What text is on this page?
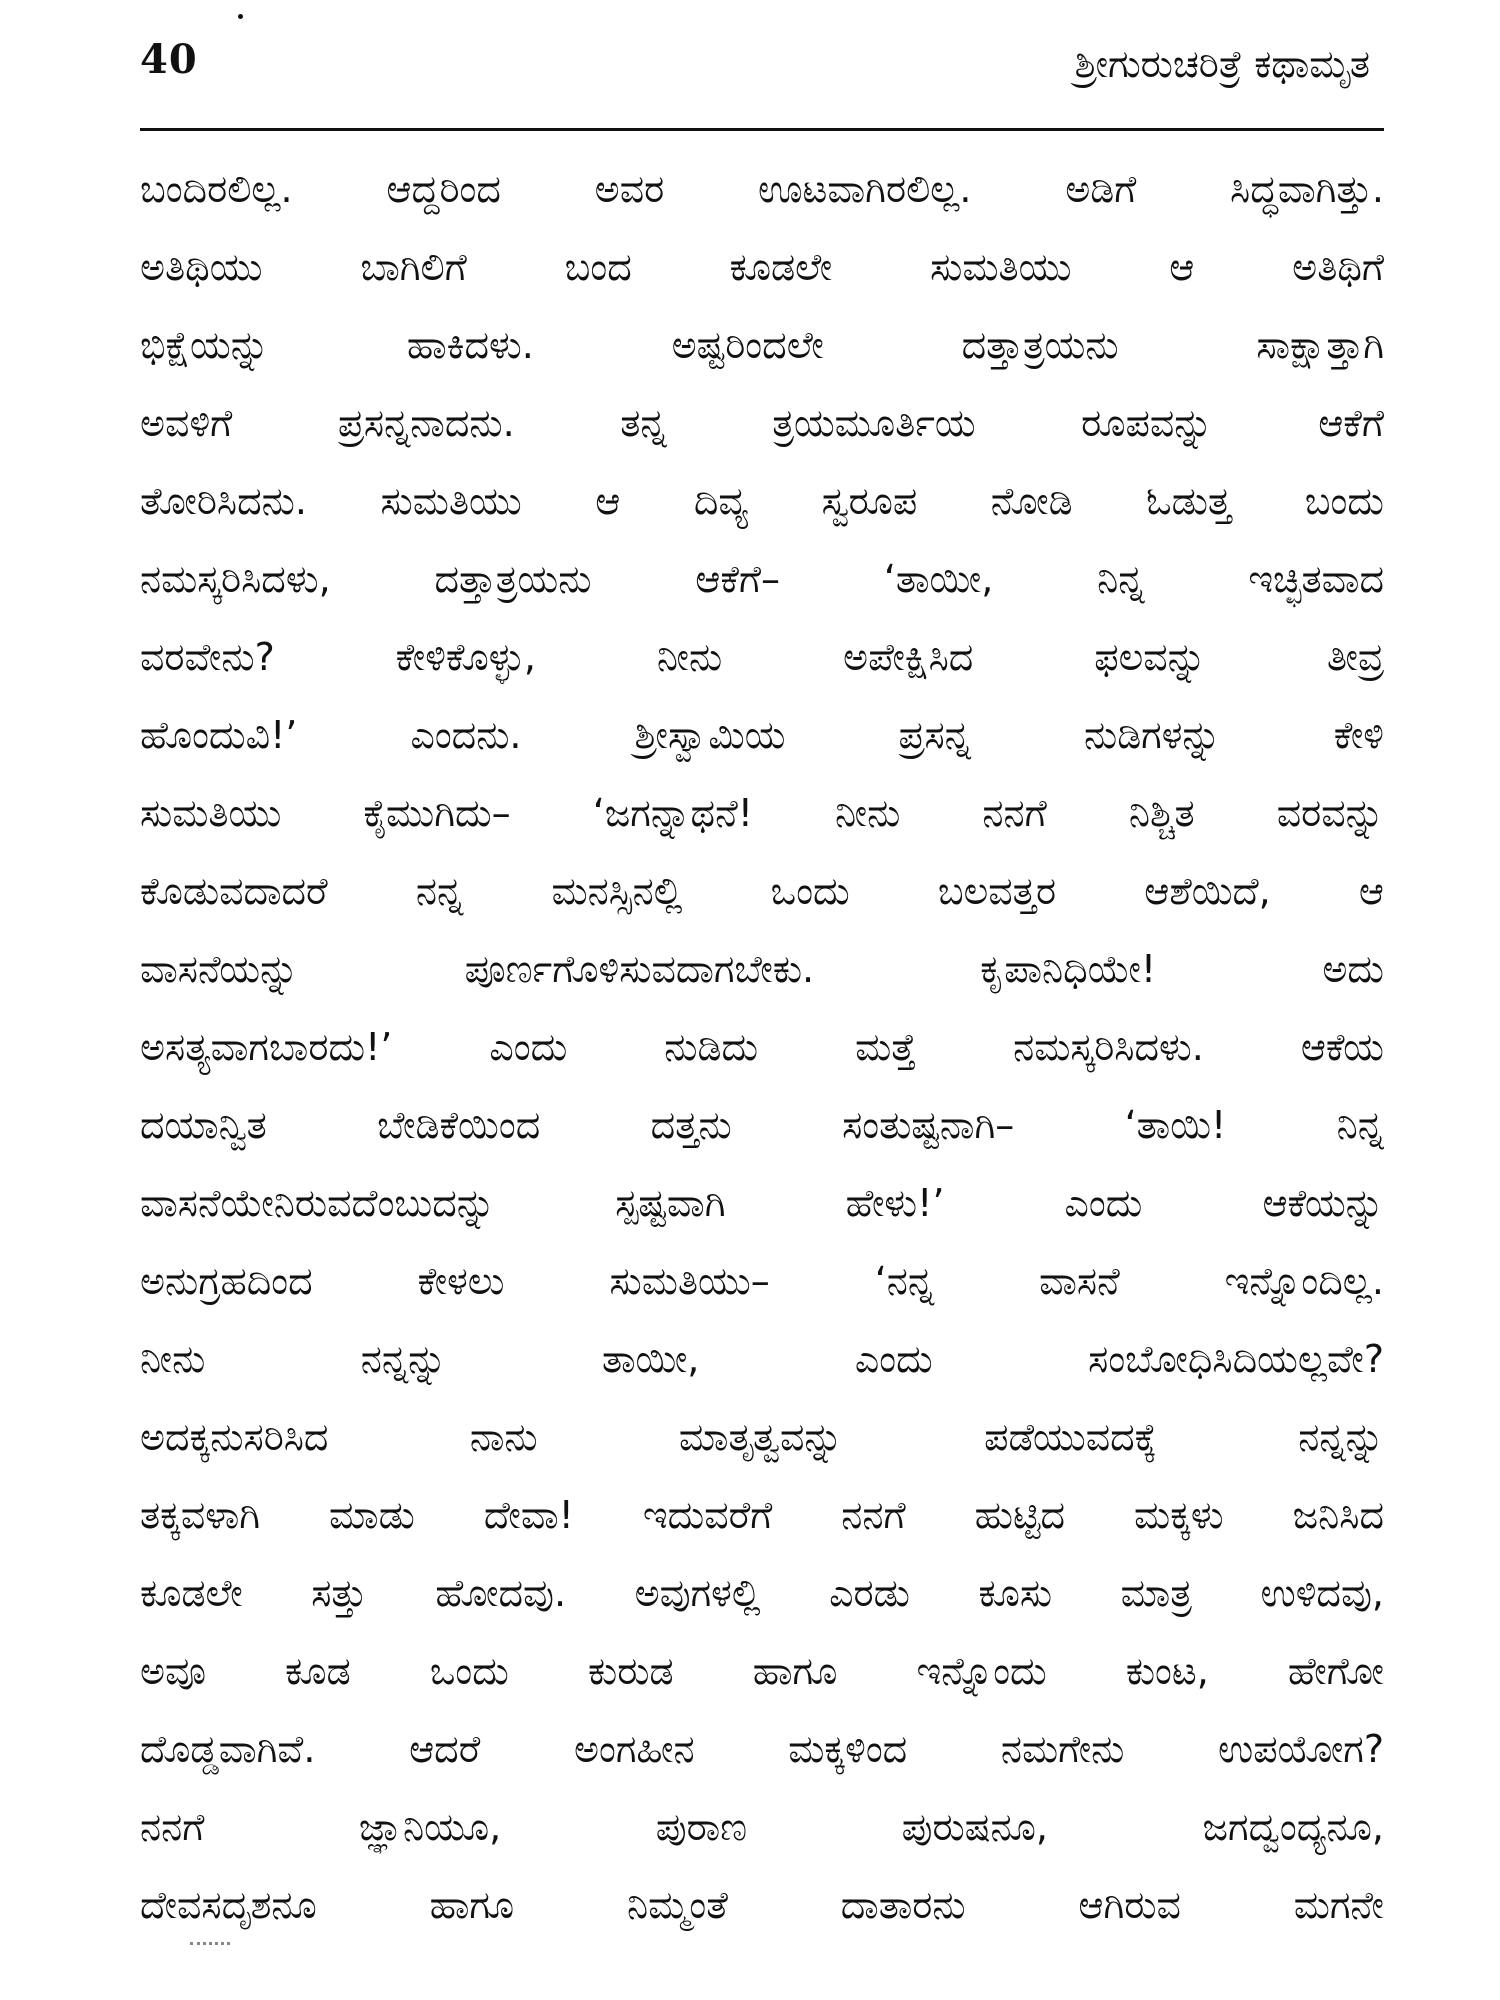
40	ಶ್ರೀಗುರುಚರಿತ್ರೆ ಕಥಾಮೃತ
ಬಂದಿರಲಿಲ್ಲ. ಆದ್ದರಿಂದ ಅವರ ಊಟವಾಗಿರಲಿಲ್ಲ. ಅಡಿಗೆ ಸಿದ್ಧವಾಗಿತ್ತು.
ಅತಿಥಿಯು ಬಾಗಿಲಿಗೆ ಬಂದ ಕೂಡಲೇ ಸುಮತಿಯು ಆ ಅತಿಥಿಗೆ
ಭಿಕ್ಷೆಯನ್ನು ಹಾಕಿದಳು. ಅಷ್ಟರಿಂದಲೇ ದತ್ತಾತ್ರಯನು ಸಾಕ್ಷಾತ್ತಾಗಿ
ಅವಳಿಗೆ ಪ್ರಸನ್ನನಾದನು. ತನ್ನ ತ್ರಯಮೂರ್ತಿಯ ರೂಪವನ್ನು ಆಕೆಗೆ
ತೋರಿಸಿದನು. ಸುಮತಿಯು ಆ ದಿವ್ಯ ಸ್ವರೂಪ ನೋಡಿ ಓಡುತ್ತ ಬಂದು
ನಮಸ್ಕರಿಸಿದಳು, ದತ್ತಾತ್ರಯನು ಆಕೆಗೆ– ‘ತಾಯೀ, ನಿನ್ನ ಇಚ್ಛಿತವಾದ
ವರವೇನು? ಕೇಳಿಕೊಳ್ಳು, ನೀನು ಅಪೇಕ್ಷಿಸಿದ ಫಲವನ್ನು ತೀವ್ರ
ಹೊಂದುವಿ!’ ಎಂದನು. ಶ್ರೀಸ್ವಾಮಿಯ ಪ್ರಸನ್ನ ನುಡಿಗಳನ್ನು ಕೇಳಿ
ಸುಮತಿಯು ಕೈಮುಗಿದು– ‘ಜಗನ್ನಾಥನೆ! ನೀನು ನನಗೆ ನಿಶ್ಚಿತ ವರವನ್ನು
ಕೊಡುವದಾದರೆ ನನ್ನ ಮನಸ್ಸಿನಲ್ಲಿ ಒಂದು ಬಲವತ್ತರ ಆಶೆಯಿದೆ, ಆ
ವಾಸನೆಯನ್ನು ಪೂರ್ಣಗೊಳಿಸುವದಾಗಬೇಕು. ಕೃಪಾನಿಧಿಯೇ! ಅದು
ಅಸತ್ಯವಾಗಬಾರದು!’ ಎಂದು ನುಡಿದು ಮತ್ತೆ ನಮಸ್ಕರಿಸಿದಳು. ಆಕೆಯ
ದಯಾನ್ವಿತ ಬೇಡಿಕೆಯಿಂದ ದತ್ತನು ಸಂತುಷ್ಟನಾಗಿ– ‘ತಾಯಿ! ನಿನ್ನ
ವಾಸನೆಯೇನಿರುವದೆಂಬುದನ್ನು ಸ್ಪಷ್ಟವಾಗಿ ಹೇಳು!’ ಎಂದು ಆಕೆಯನ್ನು
ಅನುಗ್ರಹದಿಂದ ಕೇಳಲು ಸುಮತಿಯು– ‘ನನ್ನ ವಾಸನೆ ಇನ್ನೊಂದಿಲ್ಲ.
ನೀನು ನನ್ನನ್ನು ತಾಯೀ, ಎಂದು ಸಂಬೋಧಿಸಿದಿಯಲ್ಲವೇ?
ಅದಕ್ಕನುಸರಿಸಿದ ನಾನು ಮಾತೃತ್ವವನ್ನು ಪಡೆಯುವದಕ್ಕೆ ನನ್ನನ್ನು
ತಕ್ಕವಳಾಗಿ ಮಾಡು ದೇವಾ! ಇದುವರೆಗೆ ನನಗೆ ಹುಟ್ಟಿದ ಮಕ್ಕಳು ಜನಿಸಿದ
ಕೂಡಲೇ ಸತ್ತು ಹೋದವು. ಅವುಗಳಲ್ಲಿ ಎರಡು ಕೂಸು ಮಾತ್ರ ಉಳಿದವು,
ಅವೂ ಕೂಡ ಒಂದು ಕುರುಡ ಹಾಗೂ ಇನ್ನೊಂದು ಕುಂಟ, ಹೇಗೋ
ದೊಡ್ಡವಾಗಿವೆ. ಆದರೆ ಅಂಗಹೀನ ಮಕ್ಕಳಿಂದ ನಮಗೇನು ಉಪಯೋಗ?
ನನಗೆ ಜ್ಞಾನಿಯೂ, ಪುರಾಣ ಪುರುಷನೂ, ಜಗದ್ವಂದ್ಯನೂ,
ದೇವಸದೃಶನೂ ಹಾಗೂ ನಿಮ್ಮಂತೆ ದಾತಾರನು ಆಗಿರುವ ಮಗನೇ
